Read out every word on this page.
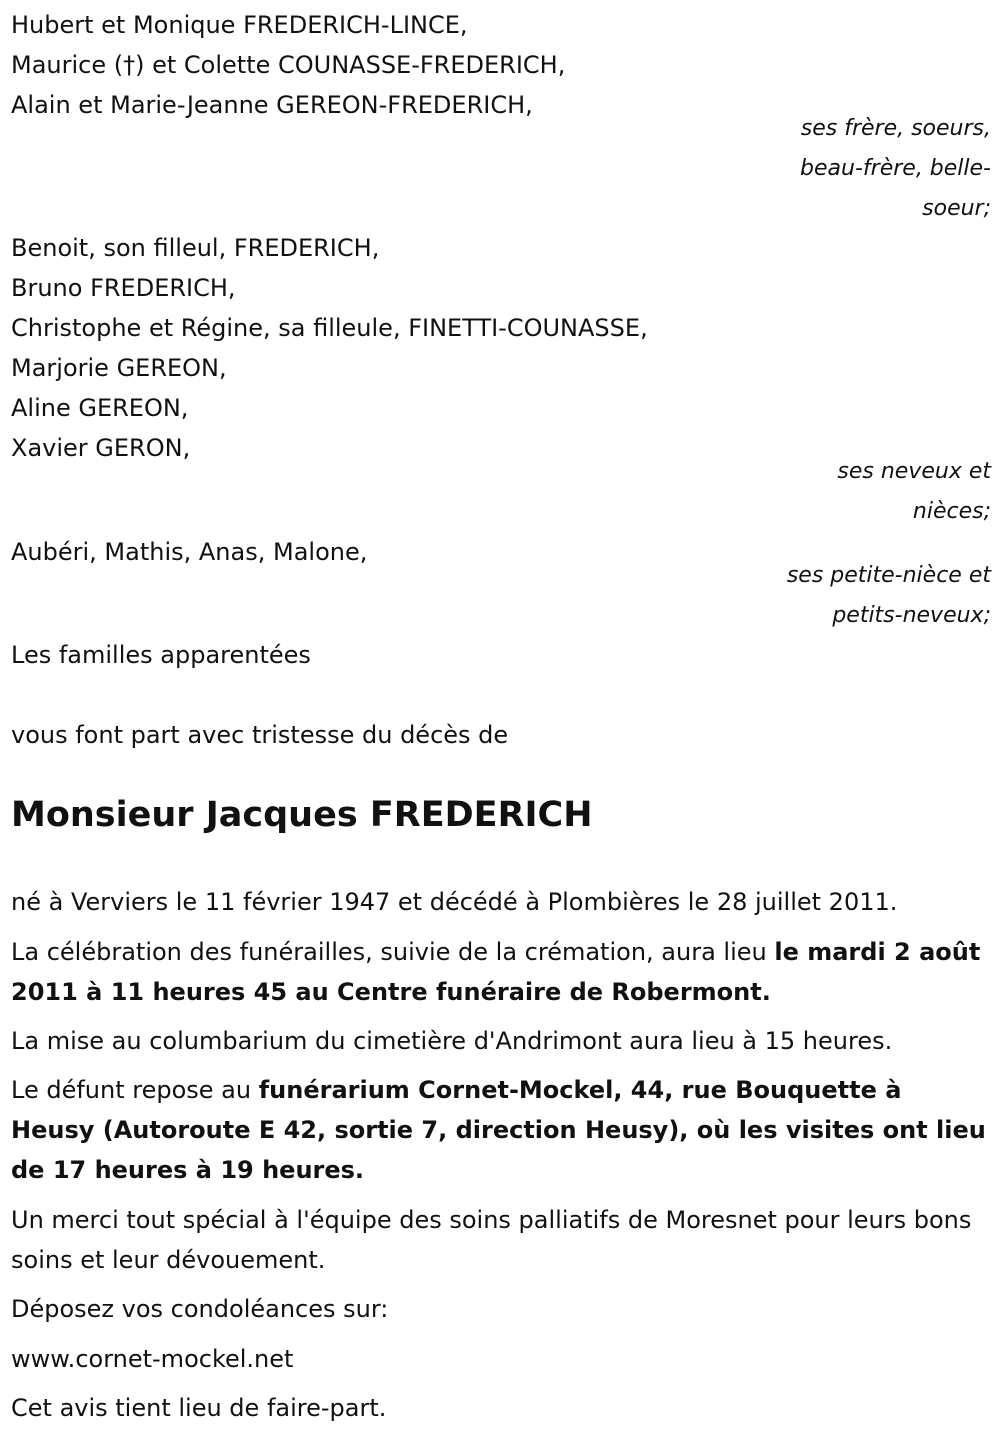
Hubert et Monique FREDERICH-LINCE,
Maurice (†) et Colette COUNASSE-FREDERICH,
Alain et Marie-Jeanne GEREON-FREDERICH,
ses frère, soeurs,
beau-frère, belle-
soeur;
Benoit, son filleul, FREDERICH,
Bruno FREDERICH,
Christophe et Régine, sa filleule, FINETTI-COUNASSE,
Marjorie GEREON,
Aline GEREON,
Xavier GERON,
ses neveux et
nièces;
Aubéri, Mathis, Anas, Malone,
ses petite-nièce et
petits-neveux;
Les familles apparentées
vous font part avec tristesse du décès de
Monsieur Jacques FREDERICH
né à Verviers le 11 février 1947 et décédé à Plombières le 28 juillet 2011.
La célébration des funérailles, suivie de la crémation, aura lieu le mardi 2 août 2011 à 11 heures 45 au Centre funéraire de Robermont.
La mise au columbarium du cimetière d'Andrimont aura lieu à 15 heures.
Le défunt repose au funérarium Cornet-Mockel, 44, rue Bouquette à Heusy (Autoroute E 42, sortie 7, direction Heusy), où les visites ont lieu de 17 heures à 19 heures.
Un merci tout spécial à l'équipe des soins palliatifs de Moresnet pour leurs bons soins et leur dévouement.
Déposez vos condoléances sur:
www.cornet-mockel.net
Cet avis tient lieu de faire-part.
